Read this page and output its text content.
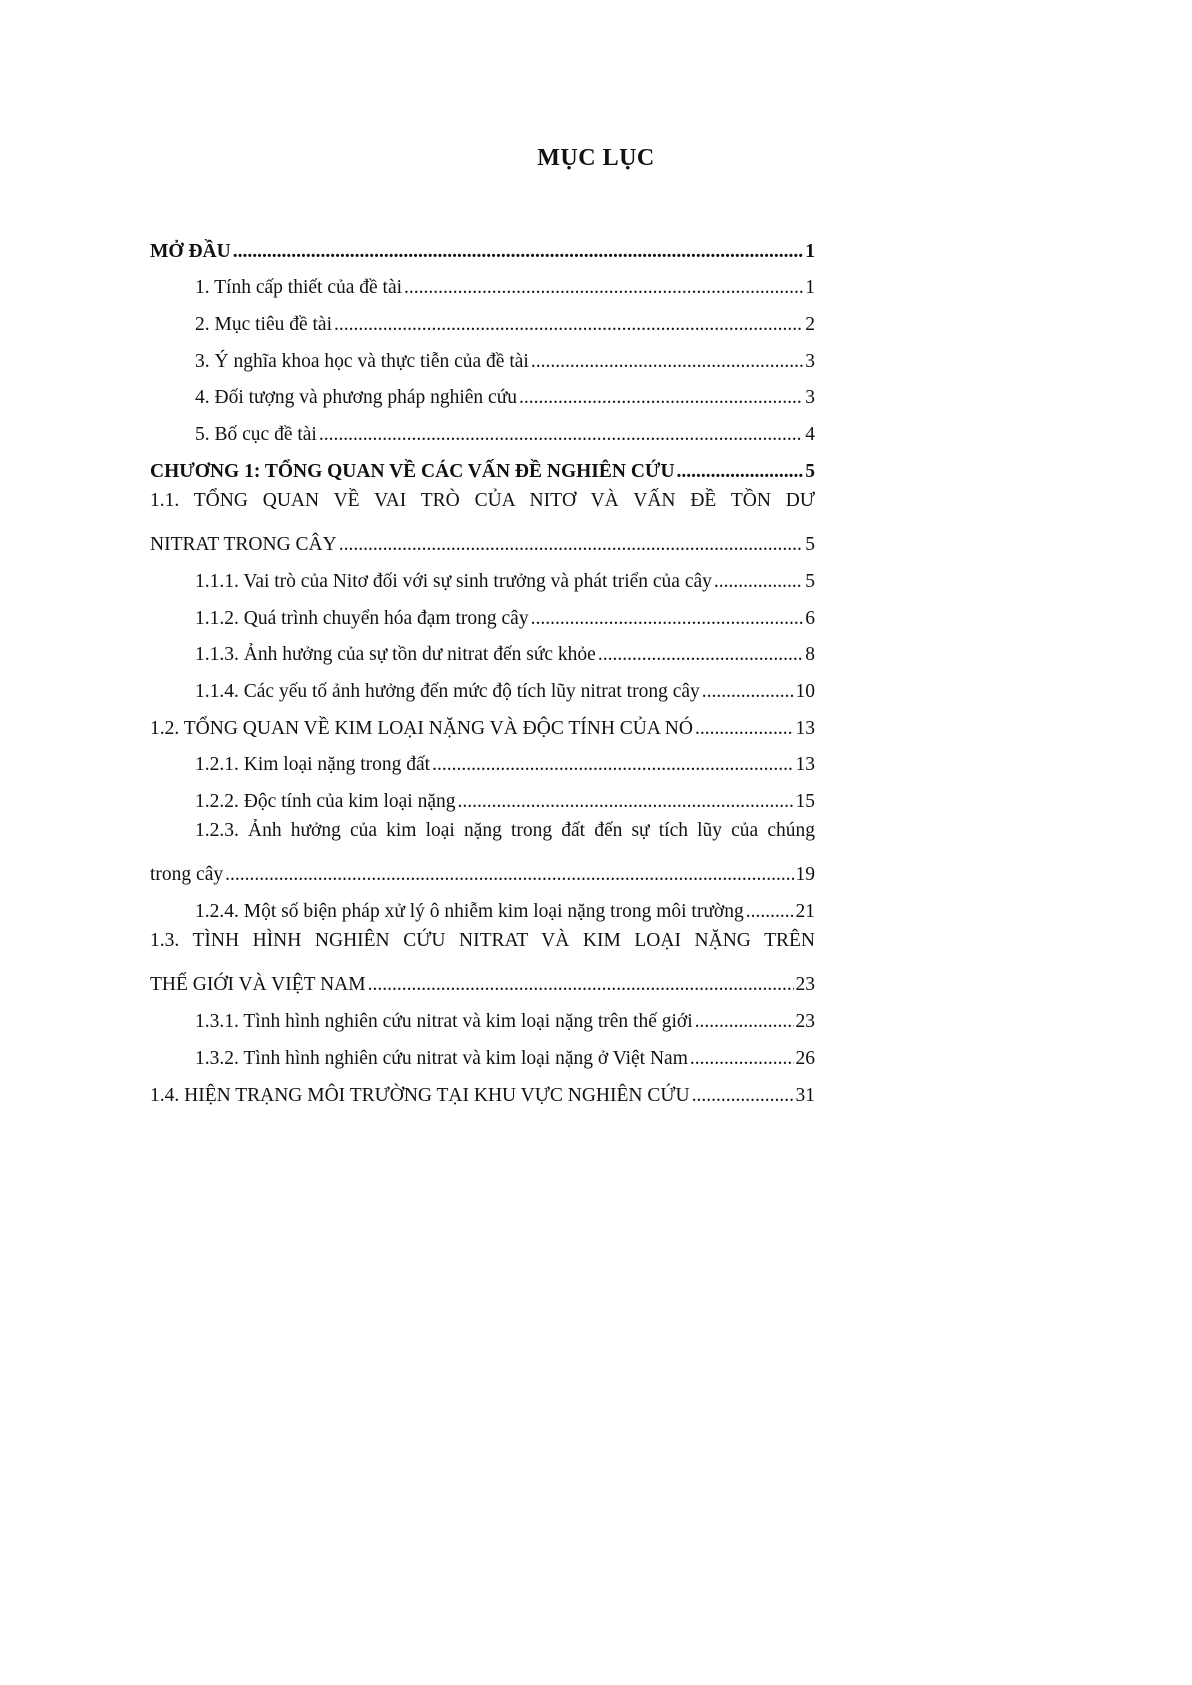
MỤC LỤC
MỞ ĐẦU .....	1
1. Tính cấp thiết của đề tài .....	1
2. Mục tiêu đề tài .....	2
3. Ý nghĩa khoa học và thực tiễn của đề tài .....	3
4. Đối tượng và phương pháp nghiên cứu .....	3
5. Bố cục đề tài .....	4
CHƯƠNG 1: TỔNG QUAN VỀ CÁC VẤN ĐỀ NGHIÊN CỨU .....	5
1.1. TỔNG QUAN VỀ VAI TRÒ CỦA NITƠ VÀ VẤN ĐỀ TỒN DƯ
NITRAT TRONG CÂY .....	5
1.1.1. Vai trò của Nitơ đối với sự sinh trưởng và phát triển của cây .....	5
1.1.2. Quá trình chuyển hóa đạm trong cây .....	6
1.1.3. Ảnh hưởng của sự tồn dư nitrat đến sức khỏe .....	8
1.1.4. Các yếu tố ảnh hưởng đến mức độ tích lũy nitrat trong cây .....	10
1.2. TỔNG QUAN VỀ KIM LOẠI NẶNG VÀ ĐỘC TÍNH CỦA NÓ .....	13
1.2.1. Kim loại nặng trong đất .....	13
1.2.2. Độc tính của kim loại nặng .....	15
1.2.3. Ảnh hưởng của kim loại nặng trong đất đến sự tích lũy của chúng
trong cây .....	19
1.2.4. Một số biện pháp xử lý ô nhiễm kim loại nặng trong môi trường .....	21
1.3. TÌNH HÌNH NGHIÊN CỨU NITRAT VÀ KIM LOẠI NẶNG TRÊN
THẾ GIỚI VÀ VIỆT NAM .....	23
1.3.1. Tình hình nghiên cứu nitrat và kim loại nặng trên thế giới .....	23
1.3.2. Tình hình nghiên cứu nitrat và kim loại nặng ở Việt Nam .....	26
1.4. HIỆN TRẠNG MÔI TRƯỜNG TẠI KHU VỰC NGHIÊN CỨU .....	31
